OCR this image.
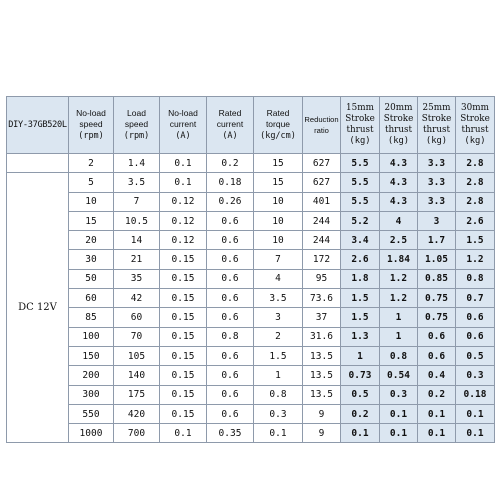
DIY-37GB520L	No-load
speed
(rpm)	Load
speed
(rpm)	No-load
current
(A)	Rated
current
(A)	Rated
torque
(kg/cm)	Reduction
ratio	15mm
Stroke
thrust
(kg)	20mm
Stroke
thrust
(kg)	25mm
Stroke
thrust
(kg)	30mm
Stroke
thrust
(kg)
	2	1.4	0.1	0.2	15	627	5.5	4.3	3.3	2.8
DC 12V	5	3.5	0.1	0.18	15	627	5.5	4.3	3.3	2.8
	10	7	0.12	0.26	10	401	5.5	4.3	3.3	2.8
	15	10.5	0.12	0.6	10	244	5.2	4	3	2.6
	20	14	0.12	0.6	10	244	3.4	2.5	1.7	1.5
	30	21	0.15	0.6	7	172	2.6	1.84	1.05	1.2
	50	35	0.15	0.6	4	95	1.8	1.2	0.85	0.8
	60	42	0.15	0.6	3.5	73.6	1.5	1.2	0.75	0.7
	85	60	0.15	0.6	3	37	1.5	1	0.75	0.6
	100	70	0.15	0.8	2	31.6	1.3	1	0.6	0.6
	150	105	0.15	0.6	1.5	13.5	1	0.8	0.6	0.5
	200	140	0.15	0.6	1	13.5	0.73	0.54	0.4	0.3
	300	175	0.15	0.6	0.8	13.5	0.5	0.3	0.2	0.18
	550	420	0.15	0.6	0.3	9	0.2	0.1	0.1	0.1
	1000	700	0.1	0.35	0.1	9	0.1	0.1	0.1	0.1
